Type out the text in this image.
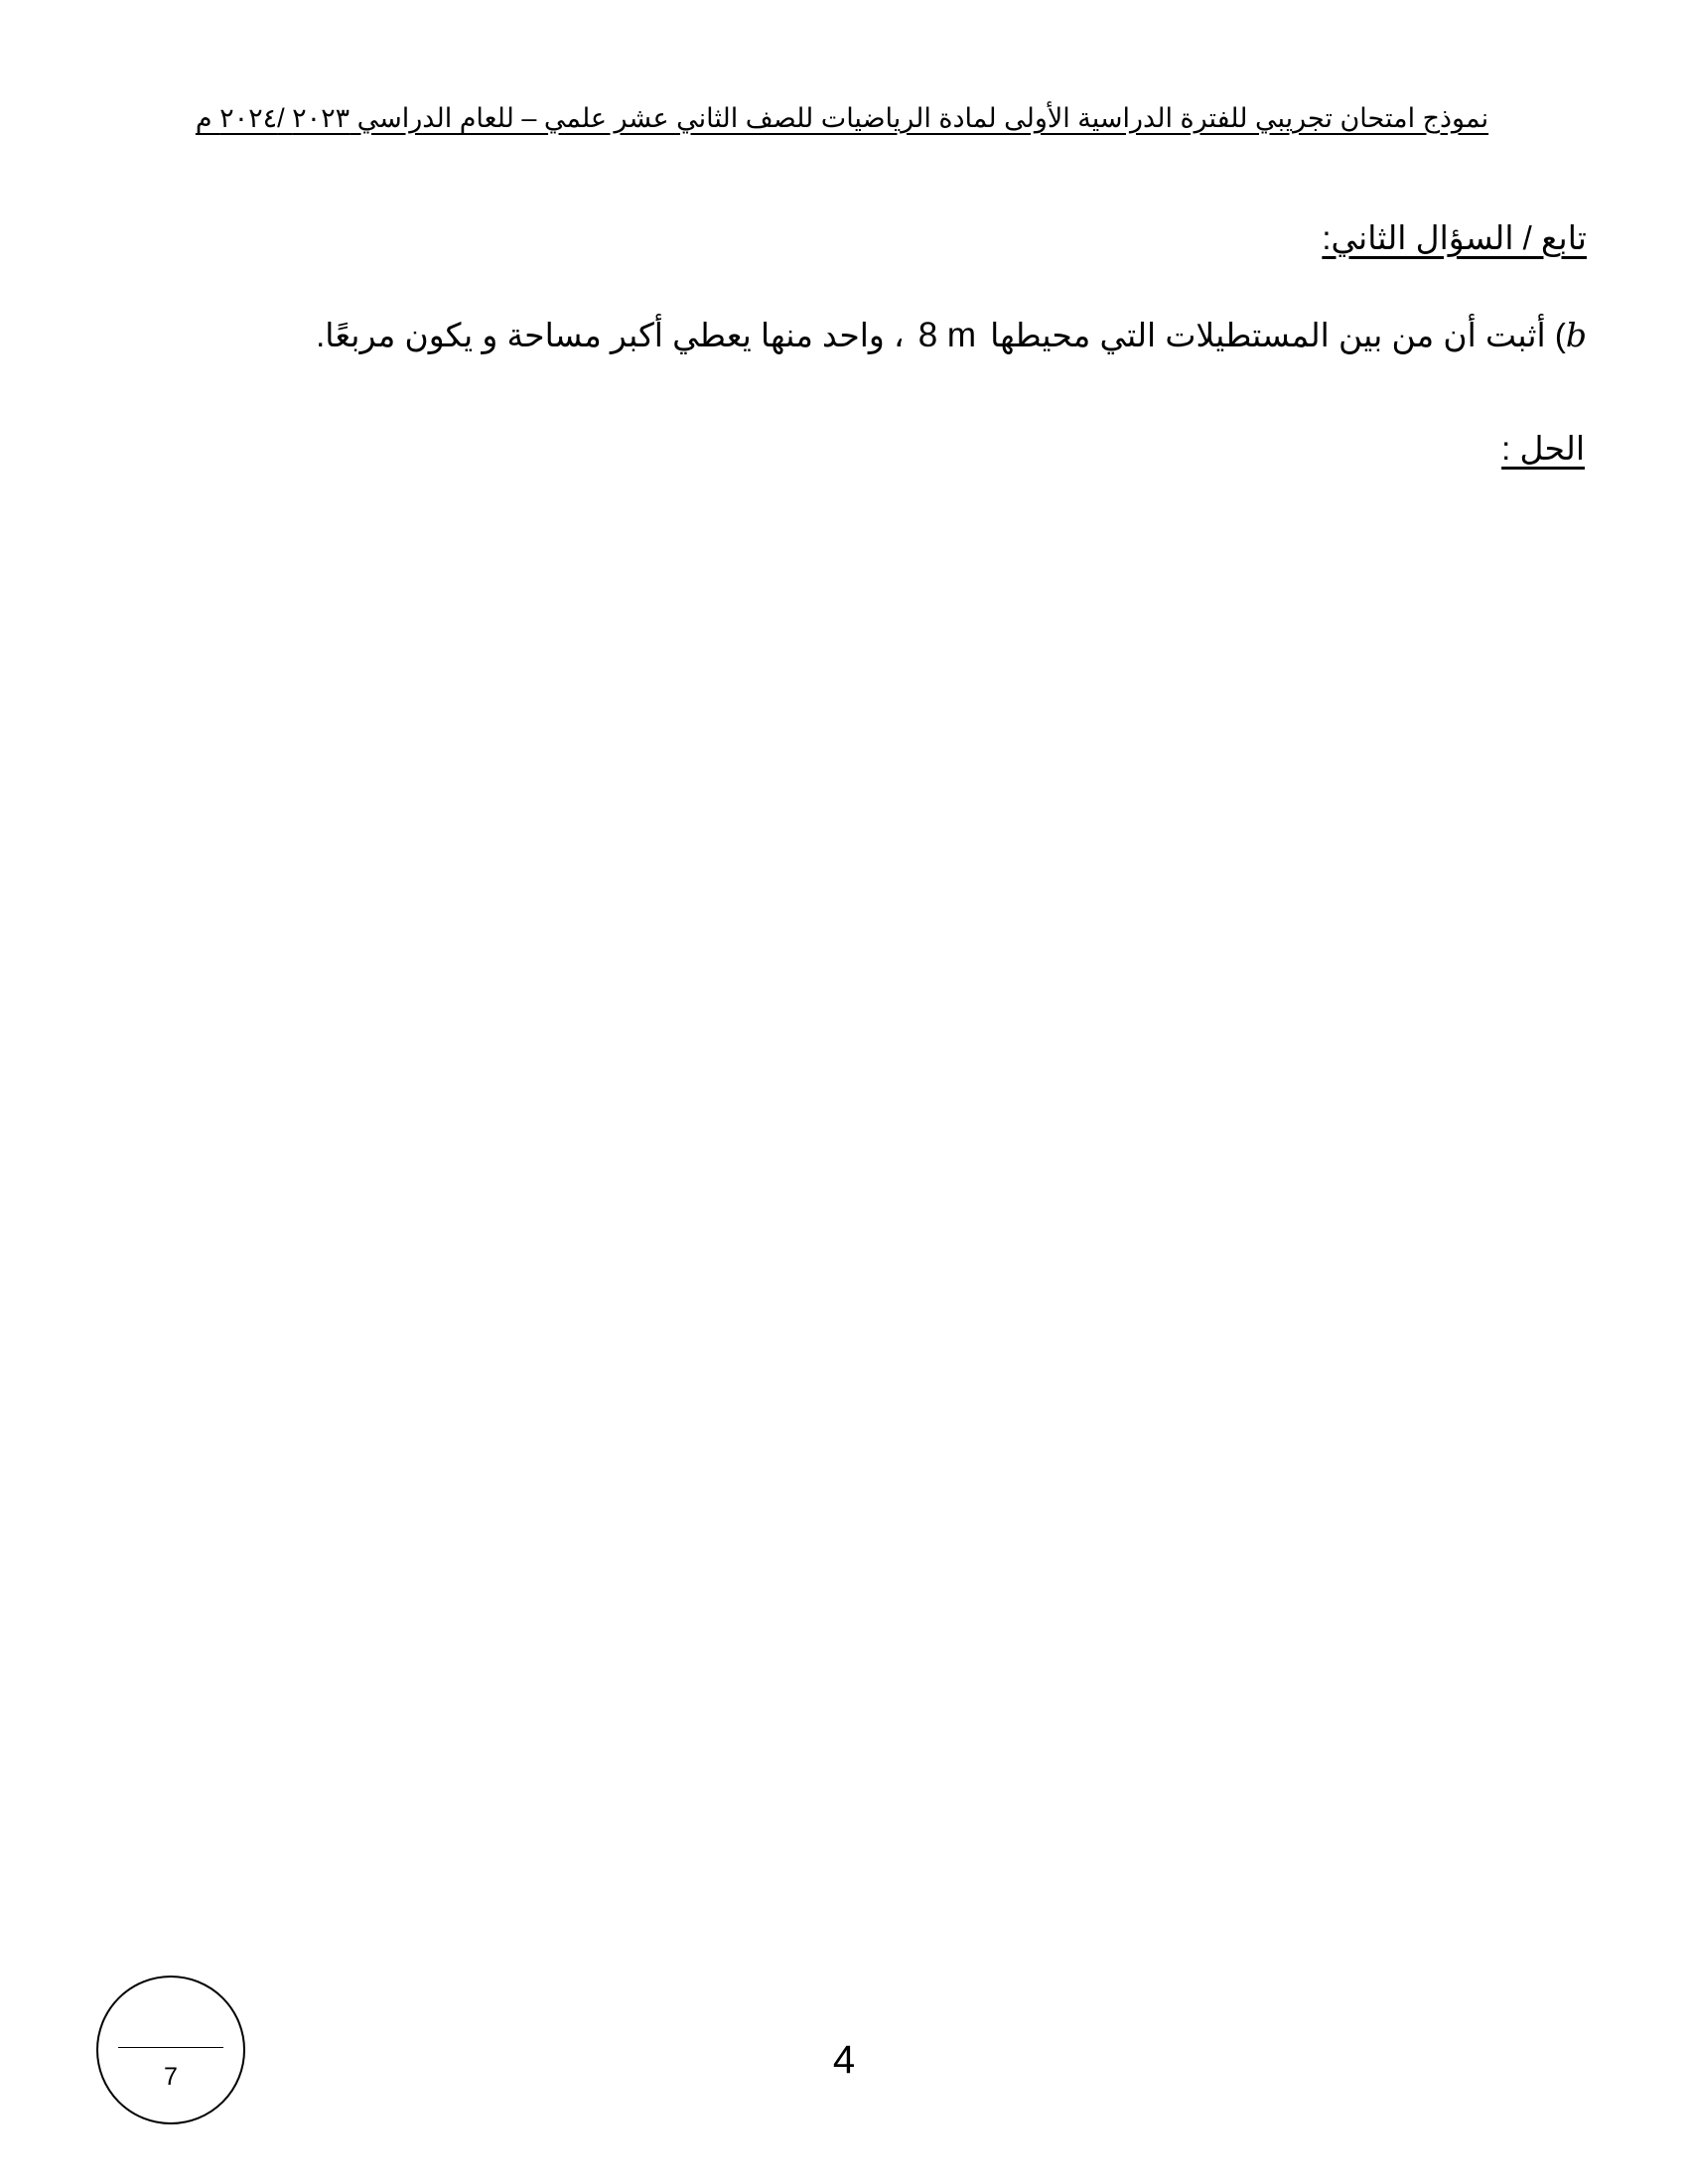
نموذج امتحان تجريبي للفترة الدراسية الأولى لمادة الرياضيات للصف الثاني عشر علمي – للعام الدراسي ٢٠٢٣ /٢٠٢٤ م
تابع / السؤال الثاني:
b) أثبت أن من بين المستطيلات التي محيطها8 m، واحد منها يعطي أكبر مساحة و يكون مربعًا.
الحل :
7	4
